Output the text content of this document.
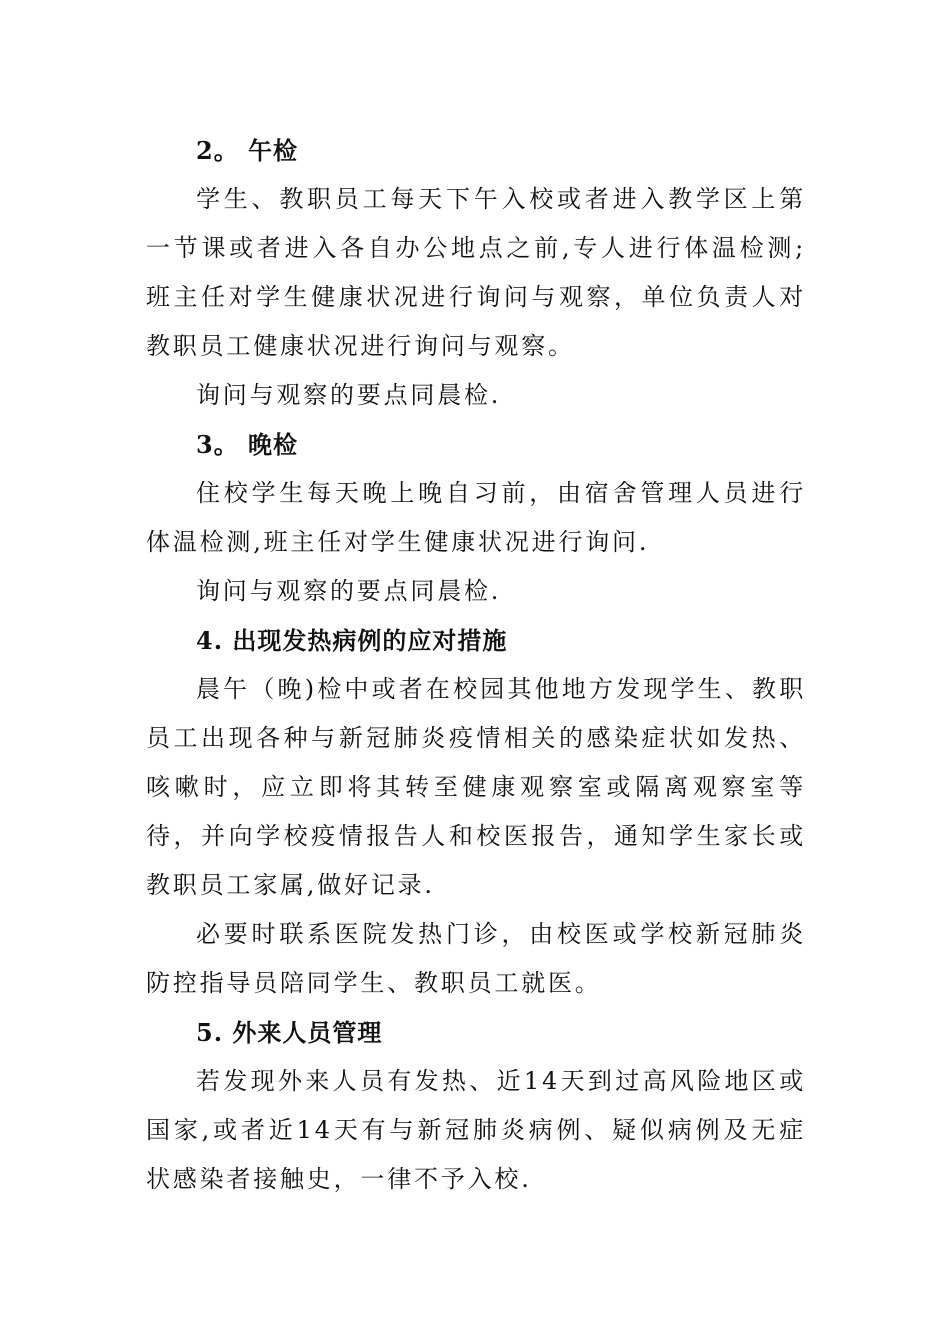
2。 午检

学生、教职员工每天下午入校或者进入教学区上第一节课或者进入各自办公地点之前,专人进行体温检测;班主任对学生健康状况进行询问与观察，单位负责人对教职员工健康状况进行询问与观察。

询问与观察的要点同晨检.

3。 晚检

住校学生每天晚上晚自习前，由宿舍管理人员进行体温检测,班主任对学生健康状况进行询问.

询问与观察的要点同晨检.

4. 出现发热病例的应对措施

晨午（晚)检中或者在校园其他地方发现学生、教职员工出现各种与新冠肺炎疫情相关的感染症状如发热、咳嗽时，应立即将其转至健康观察室或隔离观察室等待，并向学校疫情报告人和校医报告，通知学生家长或教职员工家属,做好记录.

必要时联系医院发热门诊，由校医或学校新冠肺炎防控指导员陪同学生、教职员工就医。

5. 外来人员管理

若发现外来人员有发热、近14天到过高风险地区或国家,或者近14天有与新冠肺炎病例、疑似病例及无症状感染者接触史，一律不予入校.
